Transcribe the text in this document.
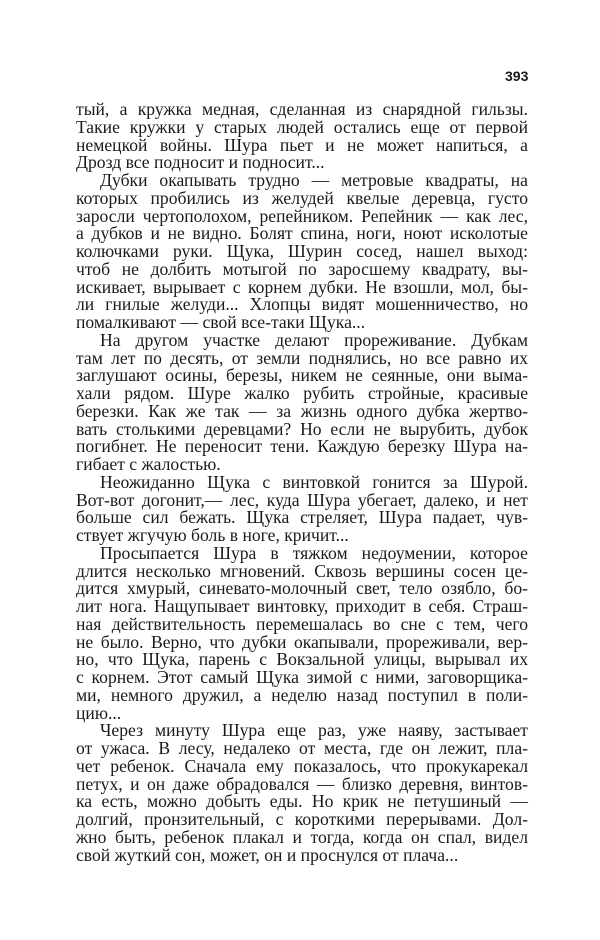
393
тый, а кружка медная, сделанная из снарядной гильзы.
Такие кружки у старых людей остались еще от первой
немецкой войны. Шура пьет и не может напиться, а
Дрозд все подносит и подносит...
Дубки окапывать трудно — метровые квадраты, на
которых пробились из желудей квелые деревца, густо
заросли чертополохом, репейником. Репейник — как лес,
а дубков и не видно. Болят спина, ноги, ноют исколотые
колючками руки. Щука, Шурин сосед, нашел выход:
чтоб не долбить мотыгой по заросшему квадрату, вы-
искивает, вырывает с корнем дубки. Не взошли, мол, бы-
ли гнилые желуди... Хлопцы видят мошенничество, но
помалкивают — свой все-таки Щука...
На другом участке делают прореживание. Дубкам
там лет по десять, от земли поднялись, но все равно их
заглушают осины, березы, никем не сеянные, они выма-
хали рядом. Шуре жалко рубить стройные, красивые
березки. Как же так — за жизнь одного дубка жертво-
вать столькими деревцами? Но если не вырубить, дубок
погибнет. Не переносит тени. Каждую березку Шура на-
гибает с жалостью.
Неожиданно Щука с винтовкой гонится за Шурой.
Вот-вот догонит,— лес, куда Шура убегает, далеко, и нет
больше сил бежать. Щука стреляет, Шура падает, чув-
ствует жгучую боль в ноге, кричит...
Просыпается Шура в тяжком недоумении, которое
длится несколько мгновений. Сквозь вершины сосен це-
дится хмурый, синевато-молочный свет, тело озябло, бо-
лит нога. Нащупывает винтовку, приходит в себя. Страш-
ная действительность перемешалась во сне с тем, чего
не было. Верно, что дубки окапывали, прореживали, вер-
но, что Щука, парень с Вокзальной улицы, вырывал их
с корнем. Этот самый Щука зимой с ними, заговорщика-
ми, немного дружил, а неделю назад поступил в поли-
цию...
Через минуту Шура еще раз, уже наяву, застывает
от ужаса. В лесу, недалеко от места, где он лежит, пла-
чет ребенок. Сначала ему показалось, что прокукарекал
петух, и он даже обрадовался — близко деревня, винтов-
ка есть, можно добыть еды. Но крик не петушиный —
долгий, пронзительный, с короткими перерывами. Дол-
жно быть, ребенок плакал и тогда, когда он спал, видел
свой жуткий сон, может, он и проснулся от плача...
